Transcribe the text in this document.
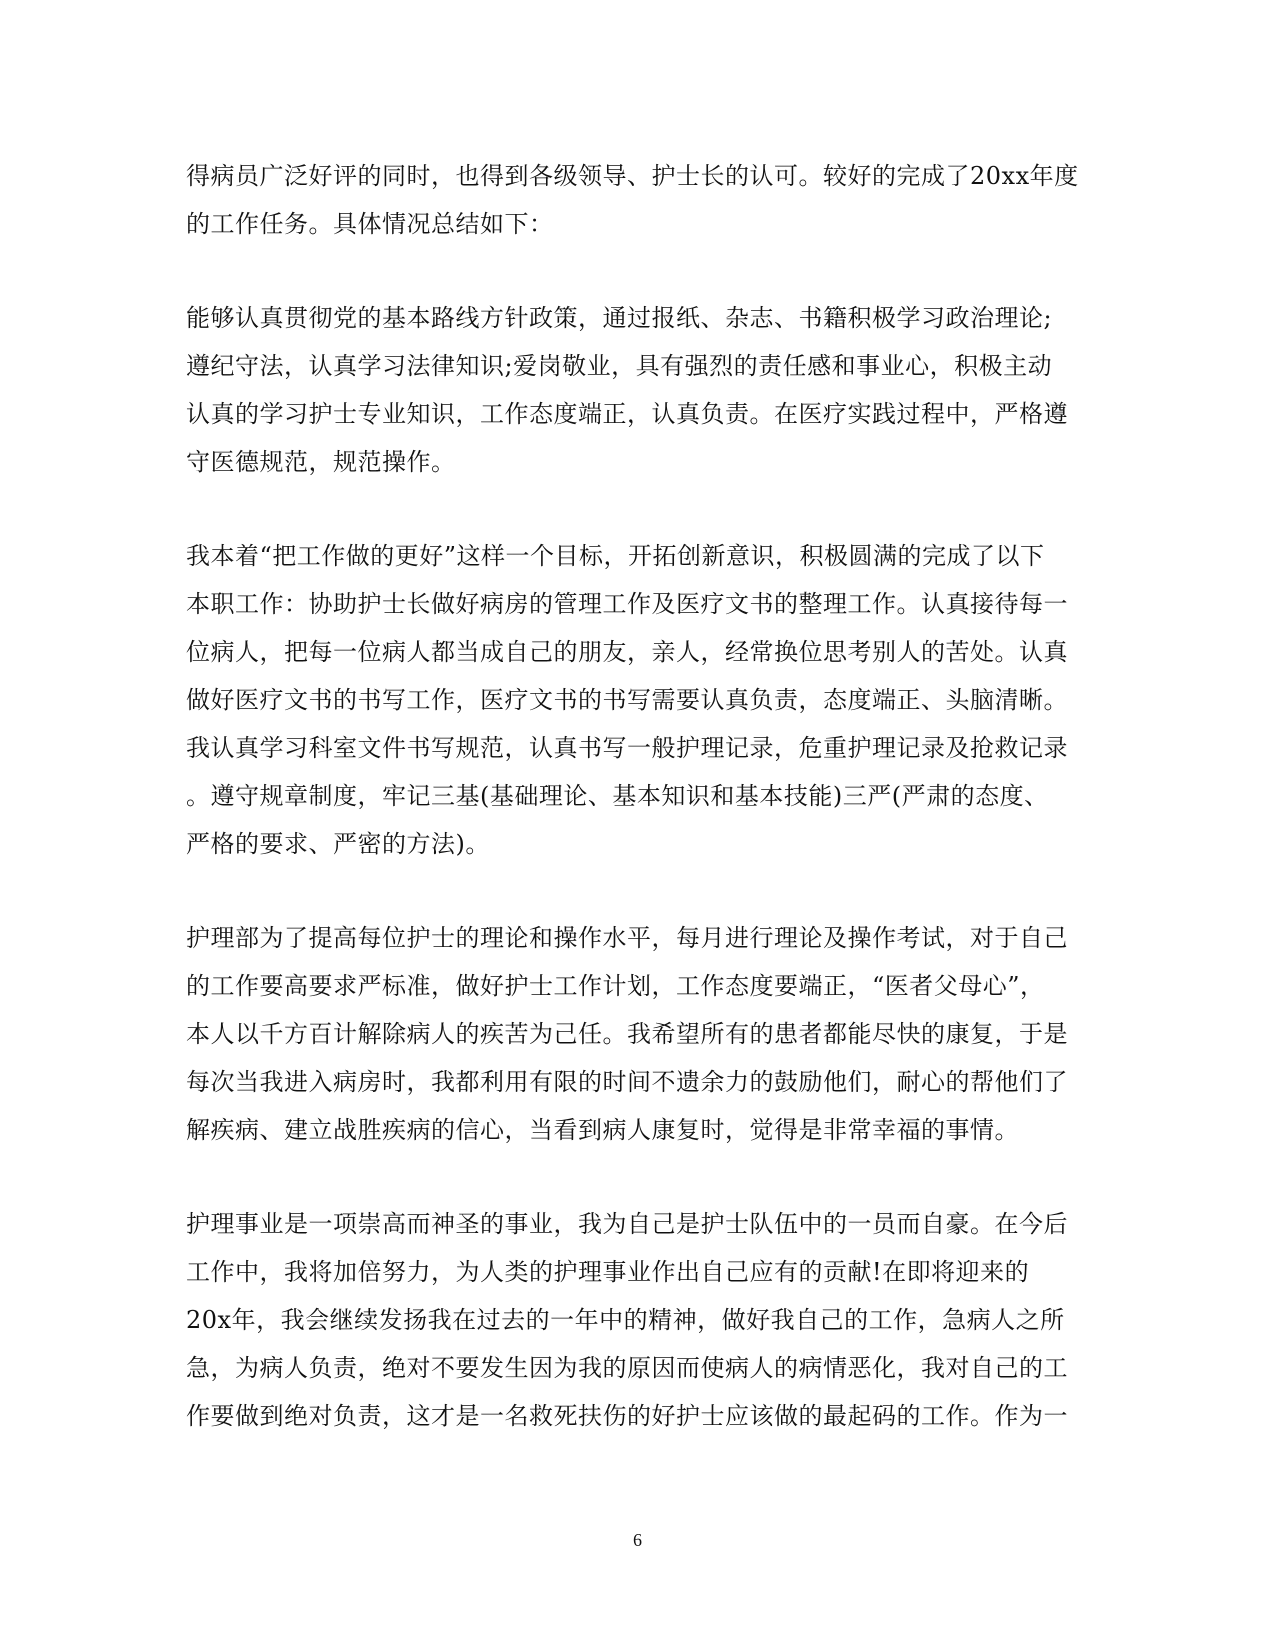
得病员广泛好评的同时，也得到各级领导、护士长的认可。较好的完成了20xx年度
的工作任务。具体情况总结如下：

能够认真贯彻党的基本路线方针政策，通过报纸、杂志、书籍积极学习政治理论;
遵纪守法，认真学习法律知识;爱岗敬业，具有强烈的责任感和事业心，积极主动
认真的学习护士专业知识，工作态度端正，认真负责。在医疗实践过程中，严格遵
守医德规范，规范操作。

我本着“把工作做的更好”这样一个目标，开拓创新意识，积极圆满的完成了以下
本职工作：协助护士长做好病房的管理工作及医疗文书的整理工作。认真接待每一
位病人，把每一位病人都当成自己的朋友，亲人，经常换位思考别人的苦处。认真
做好医疗文书的书写工作，医疗文书的书写需要认真负责，态度端正、头脑清晰。
我认真学习科室文件书写规范，认真书写一般护理记录，危重护理记录及抢救记录
。遵守规章制度，牢记三基(基础理论、基本知识和基本技能)三严(严肃的态度、
严格的要求、严密的方法)。

护理部为了提高每位护士的理论和操作水平，每月进行理论及操作考试，对于自己
的工作要高要求严标准，做好护士工作计划，工作态度要端正，“医者父母心”，
本人以千方百计解除病人的疾苦为己任。我希望所有的患者都能尽快的康复，于是
每次当我进入病房时，我都利用有限的时间不遗余力的鼓励他们，耐心的帮他们了
解疾病、建立战胜疾病的信心，当看到病人康复时，觉得是非常幸福的事情。

护理事业是一项崇高而神圣的事业，我为自己是护士队伍中的一员而自豪。在今后
工作中，我将加倍努力，为人类的护理事业作出自己应有的贡献!在即将迎来的
20x年，我会继续发扬我在过去的一年中的精神，做好我自己的工作，急病人之所
急，为病人负责，绝对不要发生因为我的原因而使病人的病情恶化，我对自己的工
作要做到绝对负责，这才是一名救死扶伤的好护士应该做的最起码的工作。作为一

6
